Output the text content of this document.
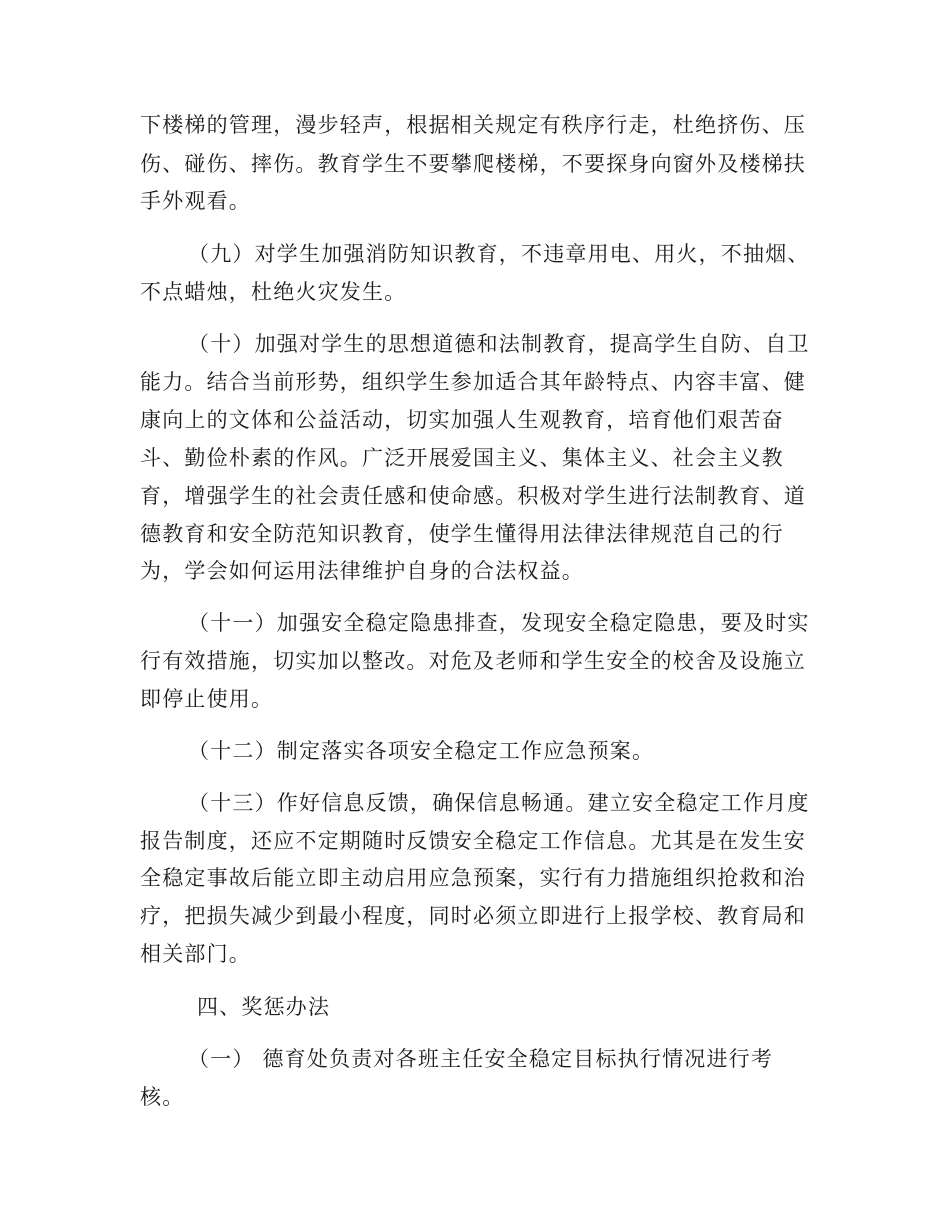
下楼梯的管理，漫步轻声，根据相关规定有秩序行走，杜绝挤伤、压
伤、碰伤、摔伤。教育学生不要攀爬楼梯，不要探身向窗外及楼梯扶
手外观看。
（九）对学生加强消防知识教育，不违章用电、用火，不抽烟、
不点蜡烛，杜绝火灾发生。
（十）加强对学生的思想道德和法制教育，提高学生自防、自卫
能力。结合当前形势，组织学生参加适合其年龄特点、内容丰富、健
康向上的文体和公益活动，切实加强人生观教育，培育他们艰苦奋
斗、勤俭朴素的作风。广泛开展爱国主义、集体主义、社会主义教
育，增强学生的社会责任感和使命感。积极对学生进行法制教育、道
德教育和安全防范知识教育，使学生懂得用法律法律规范自己的行
为，学会如何运用法律维护自身的合法权益。
（十一）加强安全稳定隐患排查，发现安全稳定隐患，要及时实
行有效措施，切实加以整改。对危及老师和学生安全的校舍及设施立
即停止使用。
（十二）制定落实各项安全稳定工作应急预案。
（十三）作好信息反馈，确保信息畅通。建立安全稳定工作月度
报告制度，还应不定期随时反馈安全稳定工作信息。尤其是在发生安
全稳定事故后能立即主动启用应急预案，实行有力措施组织抢救和治
疗，把损失减少到最小程度，同时必须立即进行上报学校、教育局和
相关部门。
四、奖惩办法
（一） 德育处负责对各班主任安全稳定目标执行情况进行考
核。
